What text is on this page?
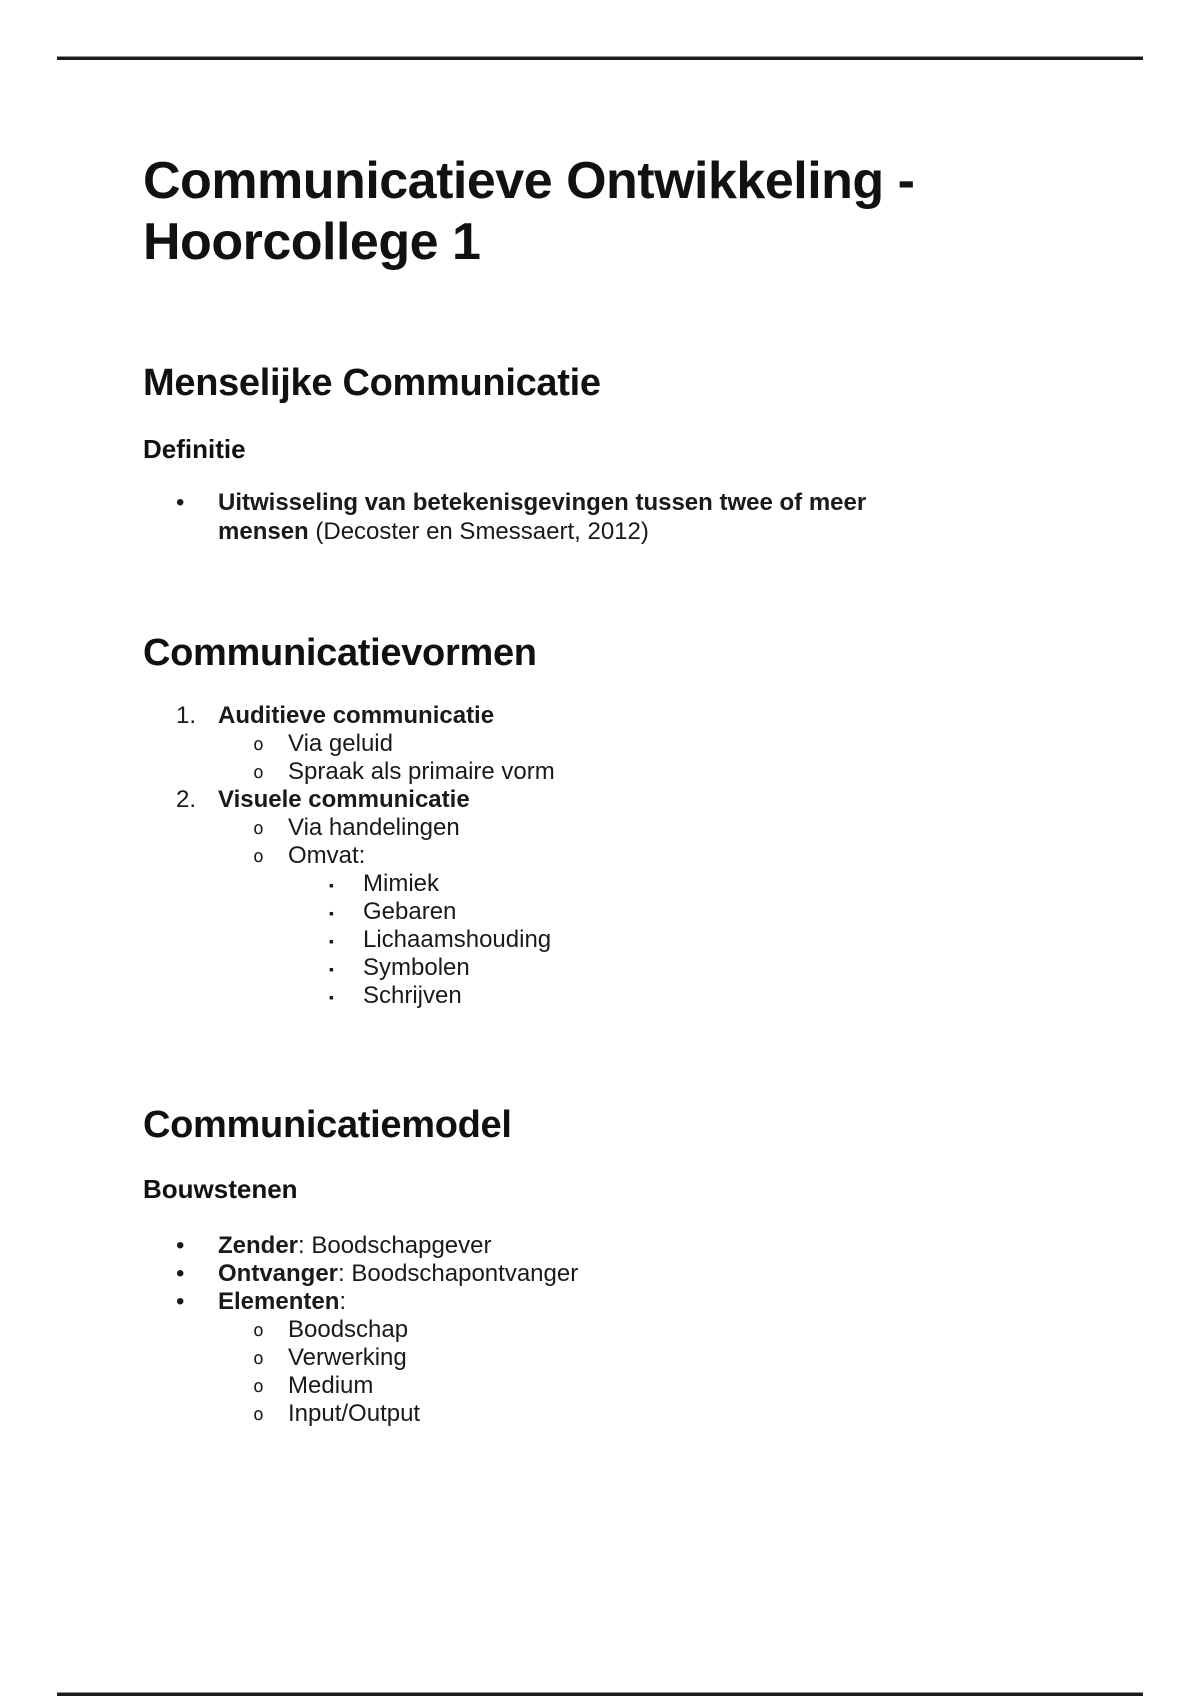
Communicatieve Ontwikkeling - Hoorcollege 1
Menselijke Communicatie
Definitie
• Uitwisseling van betekenisgevingen tussen twee of meer mensen (Decoster en Smessaert, 2012)
Communicatievormen
1. Auditieve communicatie
o Via geluid
o Spraak als primaire vorm
2. Visuele communicatie
o Via handelingen
o Omvat:
▪ Mimiek
▪ Gebaren
▪ Lichaamshouding
▪ Symbolen
▪ Schrijven
Communicatiemodel
Bouwstenen
• Zender: Boodschapgever
• Ontvanger: Boodschapontvanger
• Elementen:
o Boodschap
o Verwerking
o Medium
o Input/Output
